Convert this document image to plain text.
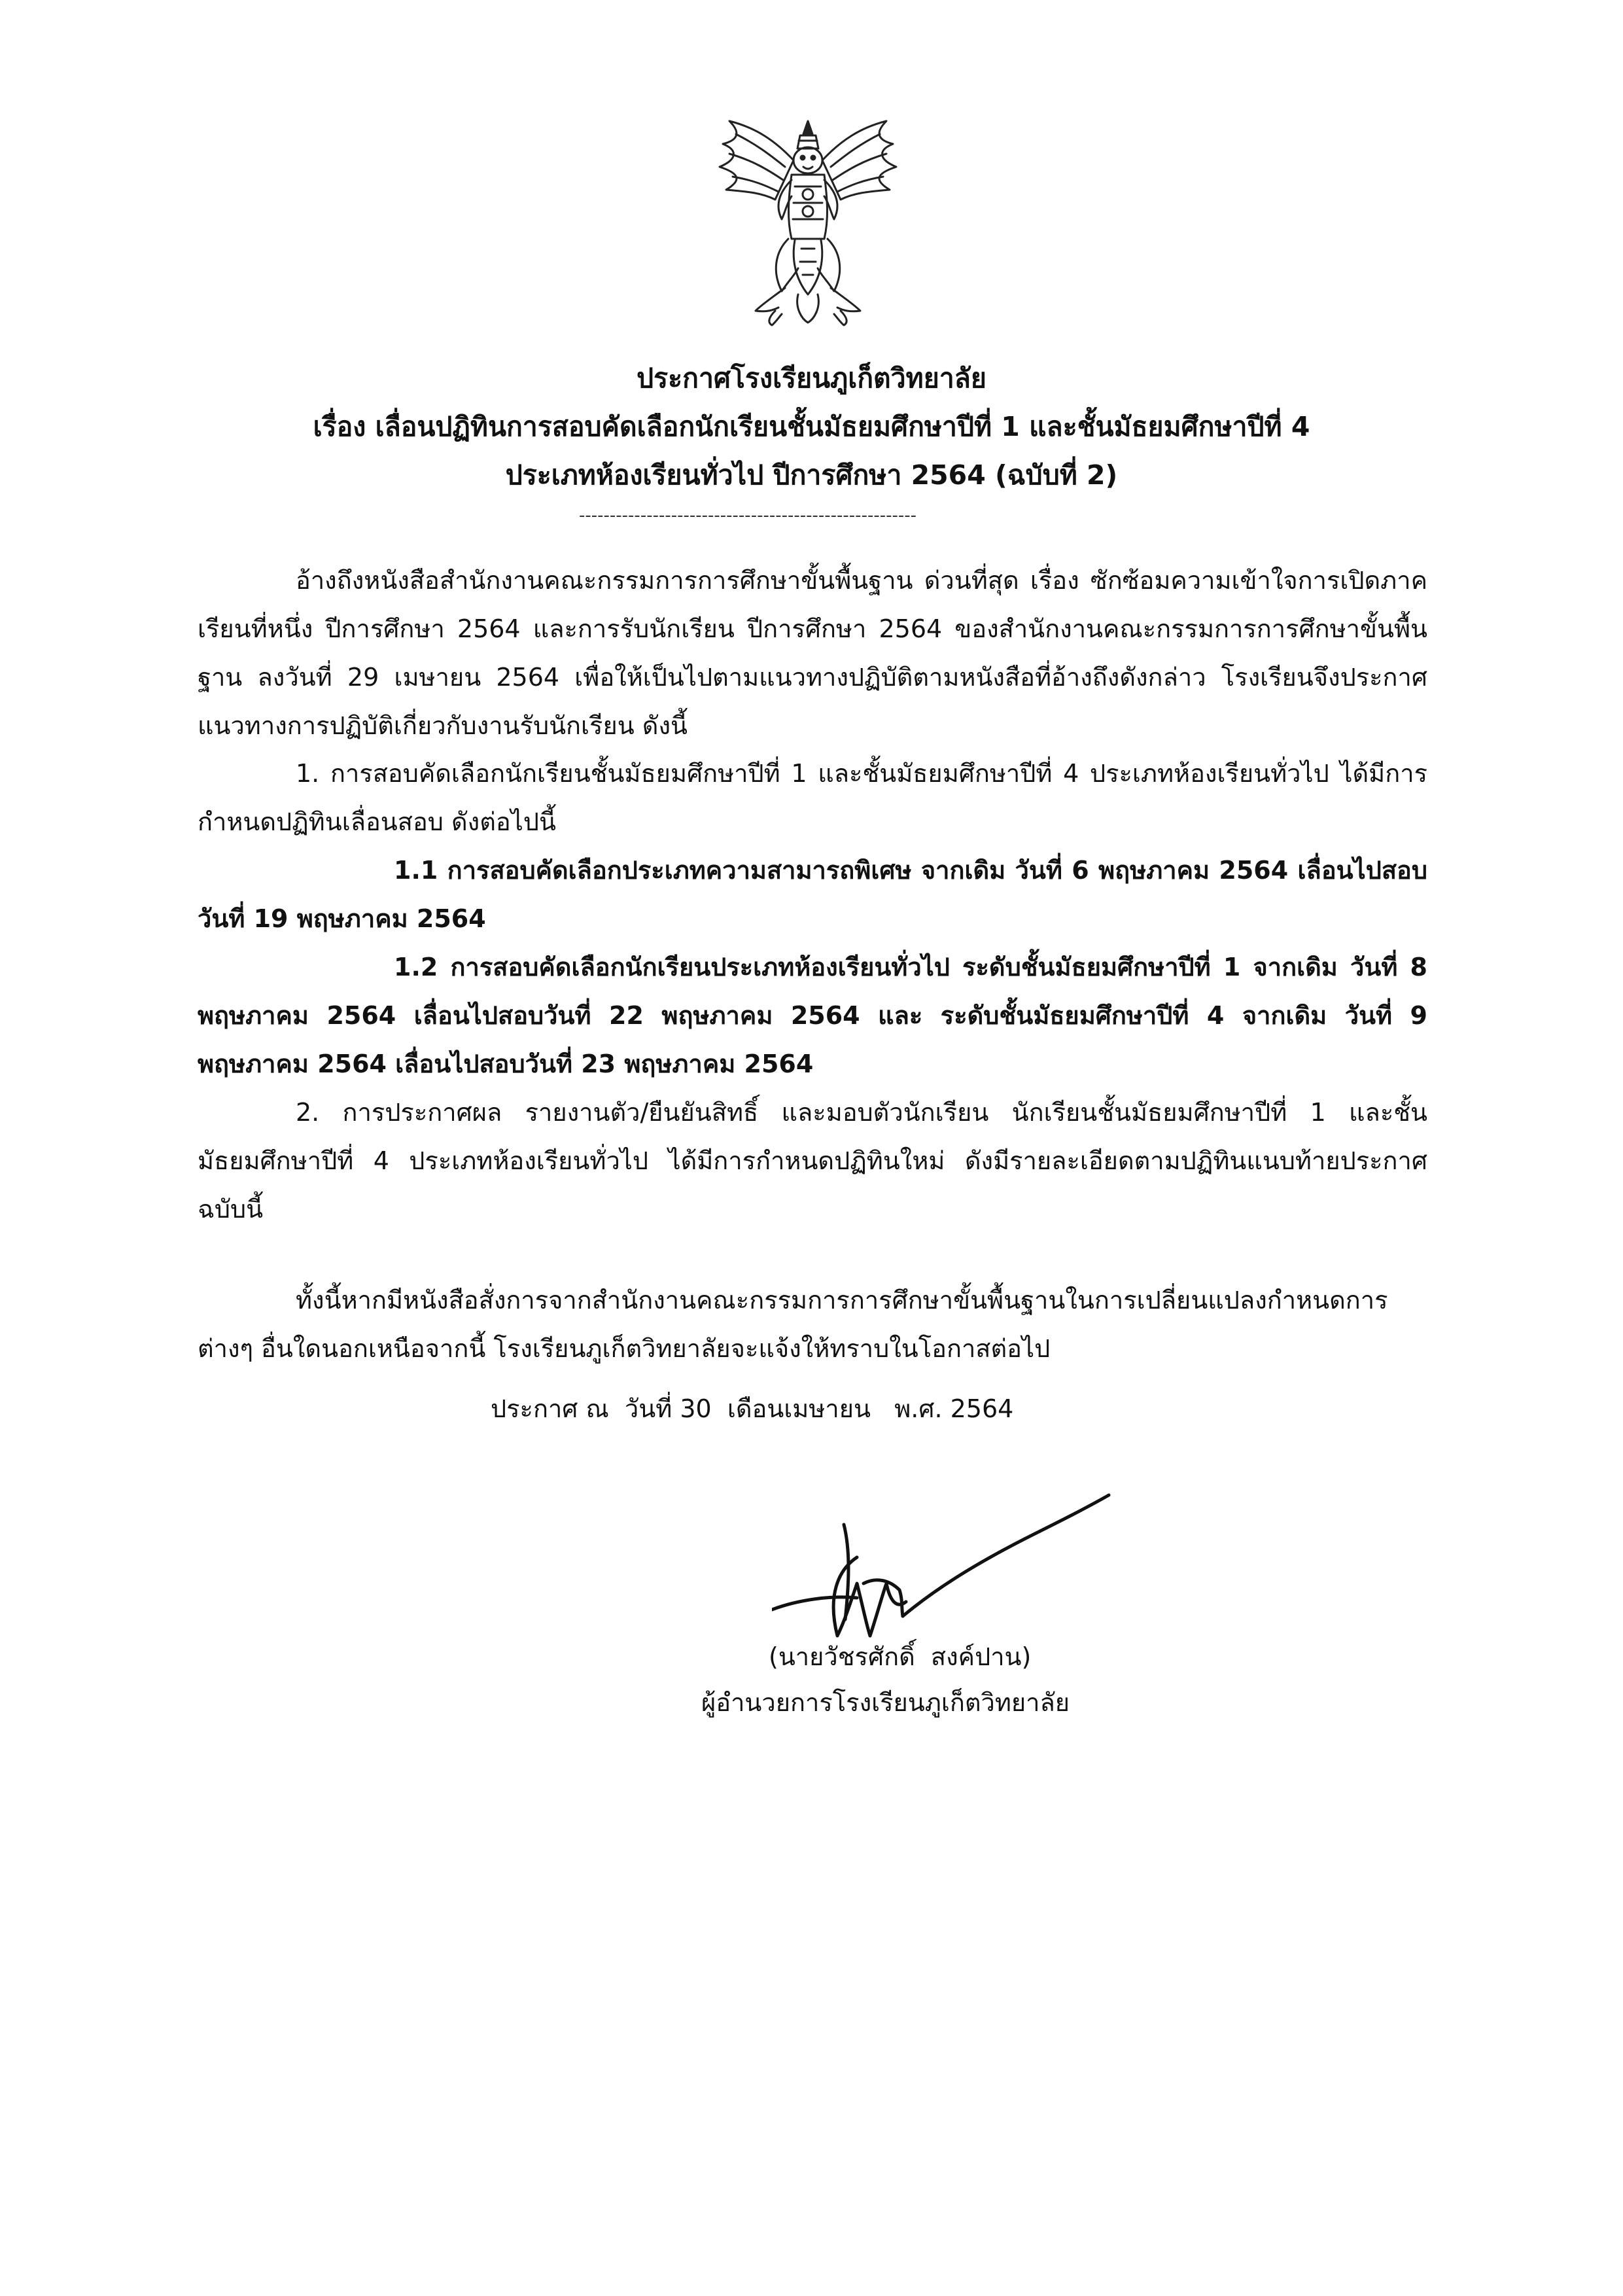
ประกาศโรงเรียนภูเก็ตวิทยาลัย
เรื่อง เลื่อนปฏิทินการสอบคัดเลือกนักเรียนชั้นมัธยมศึกษาปีที่ 1 และชั้นมัธยมศึกษาปีที่ 4
ประเภทห้องเรียนทั่วไป ปีการศึกษา 2564 (ฉบับที่ 2)
-------------------------------------------------------
อ้างถึงหนังสือสำนักงานคณะกรรมการการศึกษาขั้นพื้นฐาน ด่วนที่สุด เรื่อง ซักซ้อมความเข้าใจการเปิดภาคเรียนที่หนึ่ง ปีการศึกษา 2564 และการรับนักเรียน ปีการศึกษา 2564 ของสำนักงานคณะกรรมการการศึกษาขั้นพื้นฐาน ลงวันที่ 29 เมษายน 2564 เพื่อให้เป็นไปตามแนวทางปฏิบัติตามหนังสือที่อ้างถึงดังกล่าว โรงเรียนจึงประกาศแนวทางการปฏิบัติเกี่ยวกับงานรับนักเรียน ดังนี้
1. การสอบคัดเลือกนักเรียนชั้นมัธยมศึกษาปีที่ 1 และชั้นมัธยมศึกษาปีที่ 4 ประเภทห้องเรียนทั่วไป ได้มีการกำหนดปฏิทินเลื่อนสอบ ดังต่อไปนี้
1.1 การสอบคัดเลือกประเภทความสามารถพิเศษ จากเดิม วันที่ 6 พฤษภาคม 2564 เลื่อนไปสอบ วันที่ 19 พฤษภาคม 2564
1.2 การสอบคัดเลือกนักเรียนประเภทห้องเรียนทั่วไป ระดับชั้นมัธยมศึกษาปีที่ 1 จากเดิม วันที่ 8 พฤษภาคม 2564 เลื่อนไปสอบวันที่ 22 พฤษภาคม 2564 และ ระดับชั้นมัธยมศึกษาปีที่ 4 จากเดิม วันที่ 9 พฤษภาคม 2564 เลื่อนไปสอบวันที่ 23 พฤษภาคม 2564
2. การประกาศผล รายงานตัว/ยืนยันสิทธิ์ และมอบตัวนักเรียน นักเรียนชั้นมัธยมศึกษาปีที่ 1 และชั้นมัธยมศึกษาปีที่ 4 ประเภทห้องเรียนทั่วไป ได้มีการกำหนดปฏิทินใหม่ ดังมีรายละเอียดตามปฏิทินแนบท้ายประกาศฉบับนี้
ทั้งนี้หากมีหนังสือสั่งการจากสำนักงานคณะกรรมการการศึกษาขั้นพื้นฐานในการเปลี่ยนแปลงกำหนดการต่างๆ อื่นใดนอกเหนือจากนี้ โรงเรียนภูเก็ตวิทยาลัยจะแจ้งให้ทราบในโอกาสต่อไป
ประกาศ ณ  วันที่ 30  เดือนเมษายน   พ.ศ. 2564
(นายวัชรศักดิ์  สงค์ปาน)
ผู้อำนวยการโรงเรียนภูเก็ตวิทยาลัย
